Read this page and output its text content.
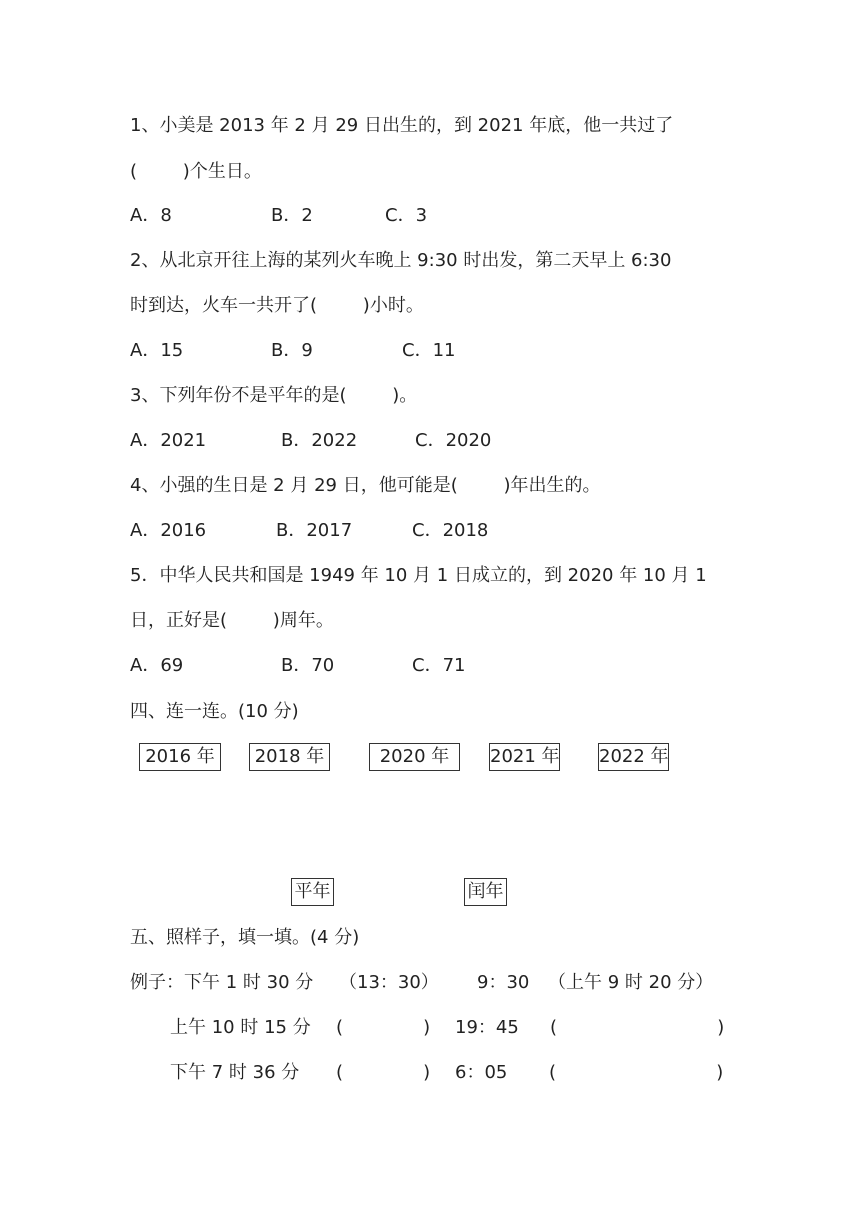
1、小美是 2013 年 2 月 29 日出生的，到 2021 年底，他一共过了
(        )个生日。
A．8	B．2	C．3
2、从北京开往上海的某列火车晚上 9:30 时出发，第二天早上 6:30
时到达，火车一共开了(        )小时。
A．15	B．9	C．11
3、下列年份不是平年的是(        )。
A．2021	B．2022	C．2020
4、小强的生日是 2 月 29 日，他可能是(        )年出生的。
A．2016	B．2017	C．2018
5．中华人民共和国是 1949 年 10 月 1 日成立的，到 2020 年 10 月 1
日，正好是(        )周年。
A．69	B．70	C．71
四、连一连。(10 分)
2016 年	2018 年	2020 年	2021 年 2022 年
平年	闰年
五、照样子，填一填。(4 分)
例子：下午 1 时 30 分 （13：30） 9：30 （上午 9 时 20 分）
上午 10 时 15 分 (              ) 19：45 (                            )
下午 7 时 36 分 (              ) 6：05 (                            )
